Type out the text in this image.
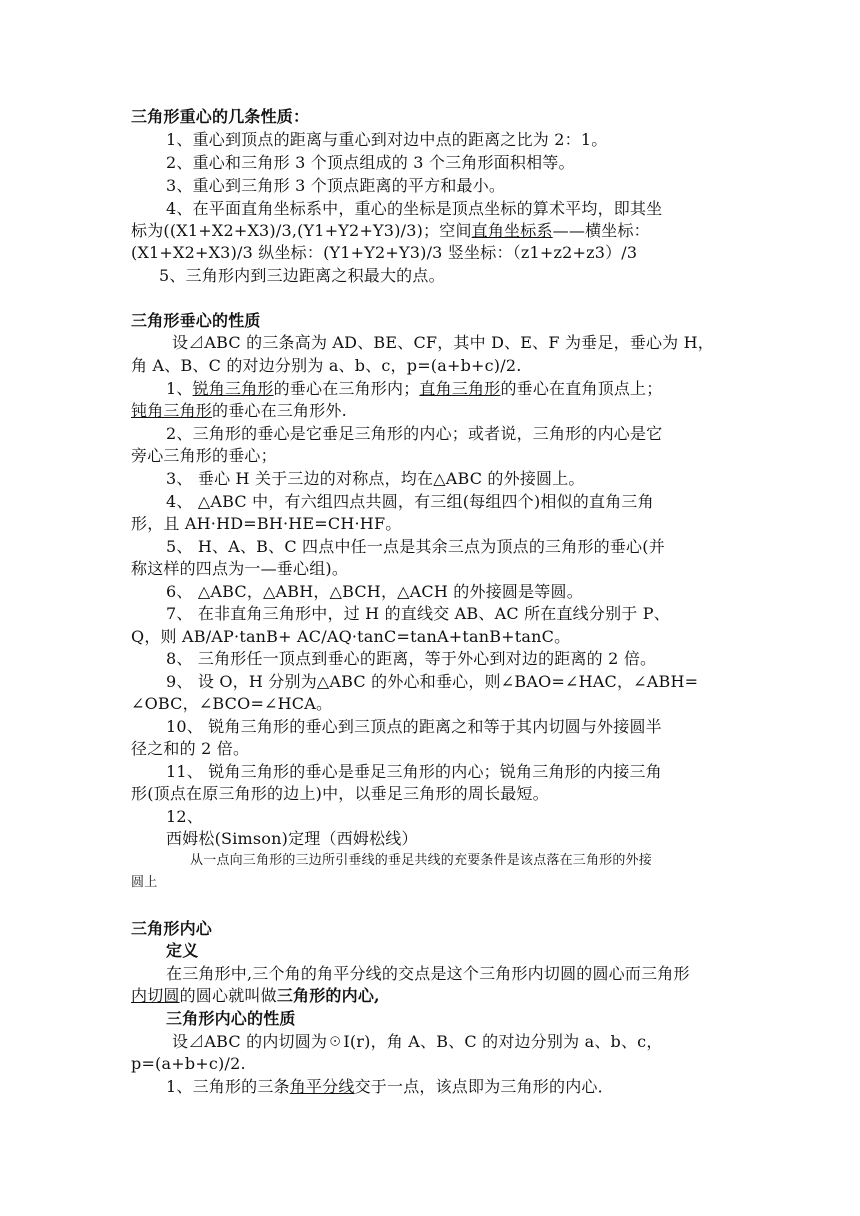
三角形重心的几条性质：
1、重心到顶点的距离与重心到对边中点的距离之比为 2：1。
2、重心和三角形 3 个顶点组成的 3 个三角形面积相等。
3、重心到三角形 3 个顶点距离的平方和最小。
4、在平面直角坐标系中，重心的坐标是顶点坐标的算术平均，即其坐
标为((X1+X2+X3)/3,(Y1+Y2+Y3)/3)；空间直角坐标系——横坐标：
(X1+X2+X3)/3 纵坐标：(Y1+Y2+Y3)/3 竖坐标：（z1+z2+z3）/3
5、三角形内到三边距离之积最大的点。
三角形垂心的性质
设⊿ABC 的三条高为 AD、BE、CF，其中 D、E、F 为垂足，垂心为 H，
角 A、B、C 的对边分别为 a、b、c，p=(a+b+c)/2.
1、锐角三角形的垂心在三角形内；直角三角形的垂心在直角顶点上；
钝角三角形的垂心在三角形外.
2、三角形的垂心是它垂足三角形的内心；或者说，三角形的内心是它
旁心三角形的垂心；
3、 垂心 H 关于三边的对称点，均在△ABC 的外接圆上。
4、 △ABC 中，有六组四点共圆，有三组(每组四个)相似的直角三角
形，且 AH·HD=BH·HE=CH·HF。
5、 H、A、B、C 四点中任一点是其余三点为顶点的三角形的垂心(并
称这样的四点为一—垂心组)。
6、 △ABC，△ABH，△BCH，△ACH 的外接圆是等圆。
7、 在非直角三角形中，过 H 的直线交 AB、AC 所在直线分别于 P、
Q，则 AB/AP·tanB+ AC/AQ·tanC=tanA+tanB+tanC。
8、 三角形任一顶点到垂心的距离，等于外心到对边的距离的 2 倍。
9、 设 O，H 分别为△ABC 的外心和垂心，则∠BAO=∠HAC，∠ABH=
∠OBC，∠BCO=∠HCA。
10、 锐角三角形的垂心到三顶点的距离之和等于其内切圆与外接圆半
径之和的 2 倍。
11、 锐角三角形的垂心是垂足三角形的内心；锐角三角形的内接三角
形(顶点在原三角形的边上)中，以垂足三角形的周长最短。
12、
西姆松(Simson)定理（西姆松线）
从一点向三角形的三边所引垂线的垂足共线的充要条件是该点落在三角形的外接
圆上
三角形内心
定义
在三角形中,三个角的角平分线的交点是这个三角形内切圆的圆心而三角形
内切圆的圆心就叫做三角形的内心,
三角形内心的性质
设⊿ABC 的内切圆为☉I(r)，角 A、B、C 的对边分别为 a、b、c，
p=(a+b+c)/2.
1、三角形的三条角平分线交于一点，该点即为三角形的内心．
